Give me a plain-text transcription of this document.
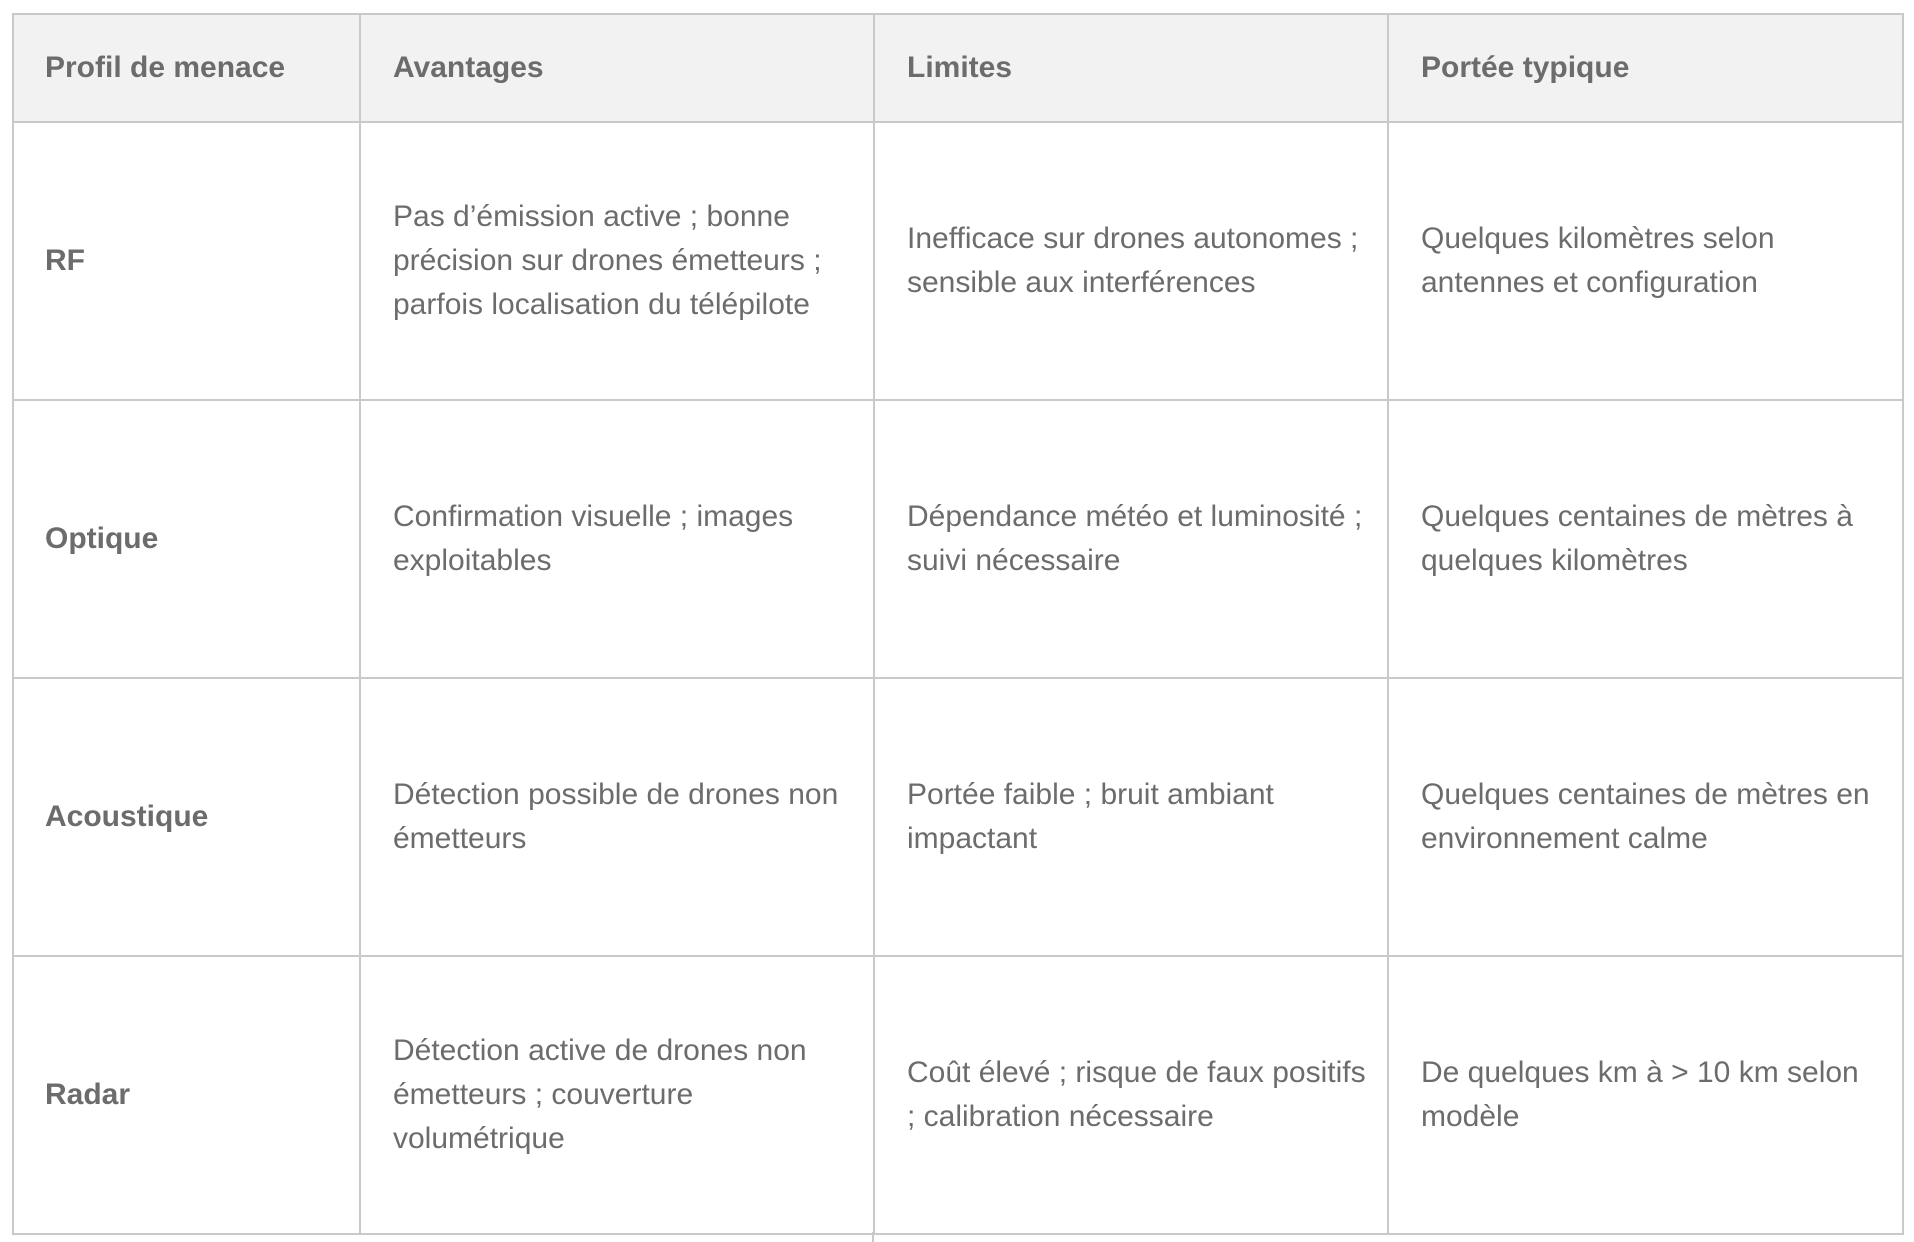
Profil de menace	Avantages	Limites	Portée typique
RF	Pas d’émission active ; bonne précision sur drones émetteurs ; parfois localisation du télépilote	Inefficace sur drones autonomes ; sensible aux interférences	Quelques kilomètres selon antennes et configuration
Optique	Confirmation visuelle ; images exploitables	Dépendance météo et luminosité ; suivi nécessaire	Quelques centaines de mètres à quelques kilomètres
Acoustique	Détection possible de drones non émetteurs	Portée faible ; bruit ambiant impactant	Quelques centaines de mètres en environnement calme
Radar	Détection active de drones non émetteurs ; couverture volumétrique	Coût élevé ; risque de faux positifs ; calibration nécessaire	De quelques km à > 10 km selon modèle
